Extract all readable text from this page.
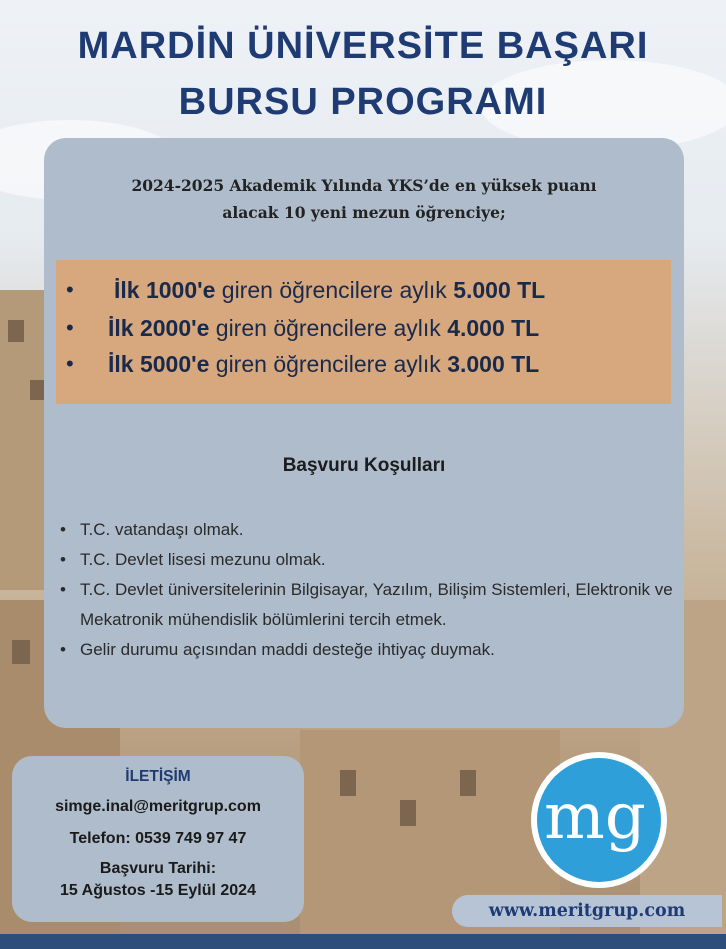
MARDİN ÜNİVERSİTE BAŞARI
BURSU PROGRAMI
2024-2025 Akademik Yılında YKS’de en yüksek puanı
alacak 10 yeni mezun öğrenciye;
• İlk 1000'e giren öğrencilere aylık 5.000 TL
• İlk 2000'e giren öğrencilere aylık 4.000 TL
• İlk 5000'e giren öğrencilere aylık 3.000 TL
Başvuru Koşulları
• T.C. vatandaşı olmak.
• T.C. Devlet lisesi mezunu olmak.
• T.C. Devlet üniversitelerinin Bilgisayar, Yazılım, Bilişim Sistemleri, Elektronik ve Mekatronik mühendislik bölümlerini tercih etmek.
• Gelir durumu açısından maddi desteğe ihtiyaç duymak.
İLETİŞİM
simge.inal@meritgrup.com
Telefon: 0539 749 97 47
Başvuru Tarihi:
15 Ağustos -15 Eylül 2024
mg
www.meritgrup.com
